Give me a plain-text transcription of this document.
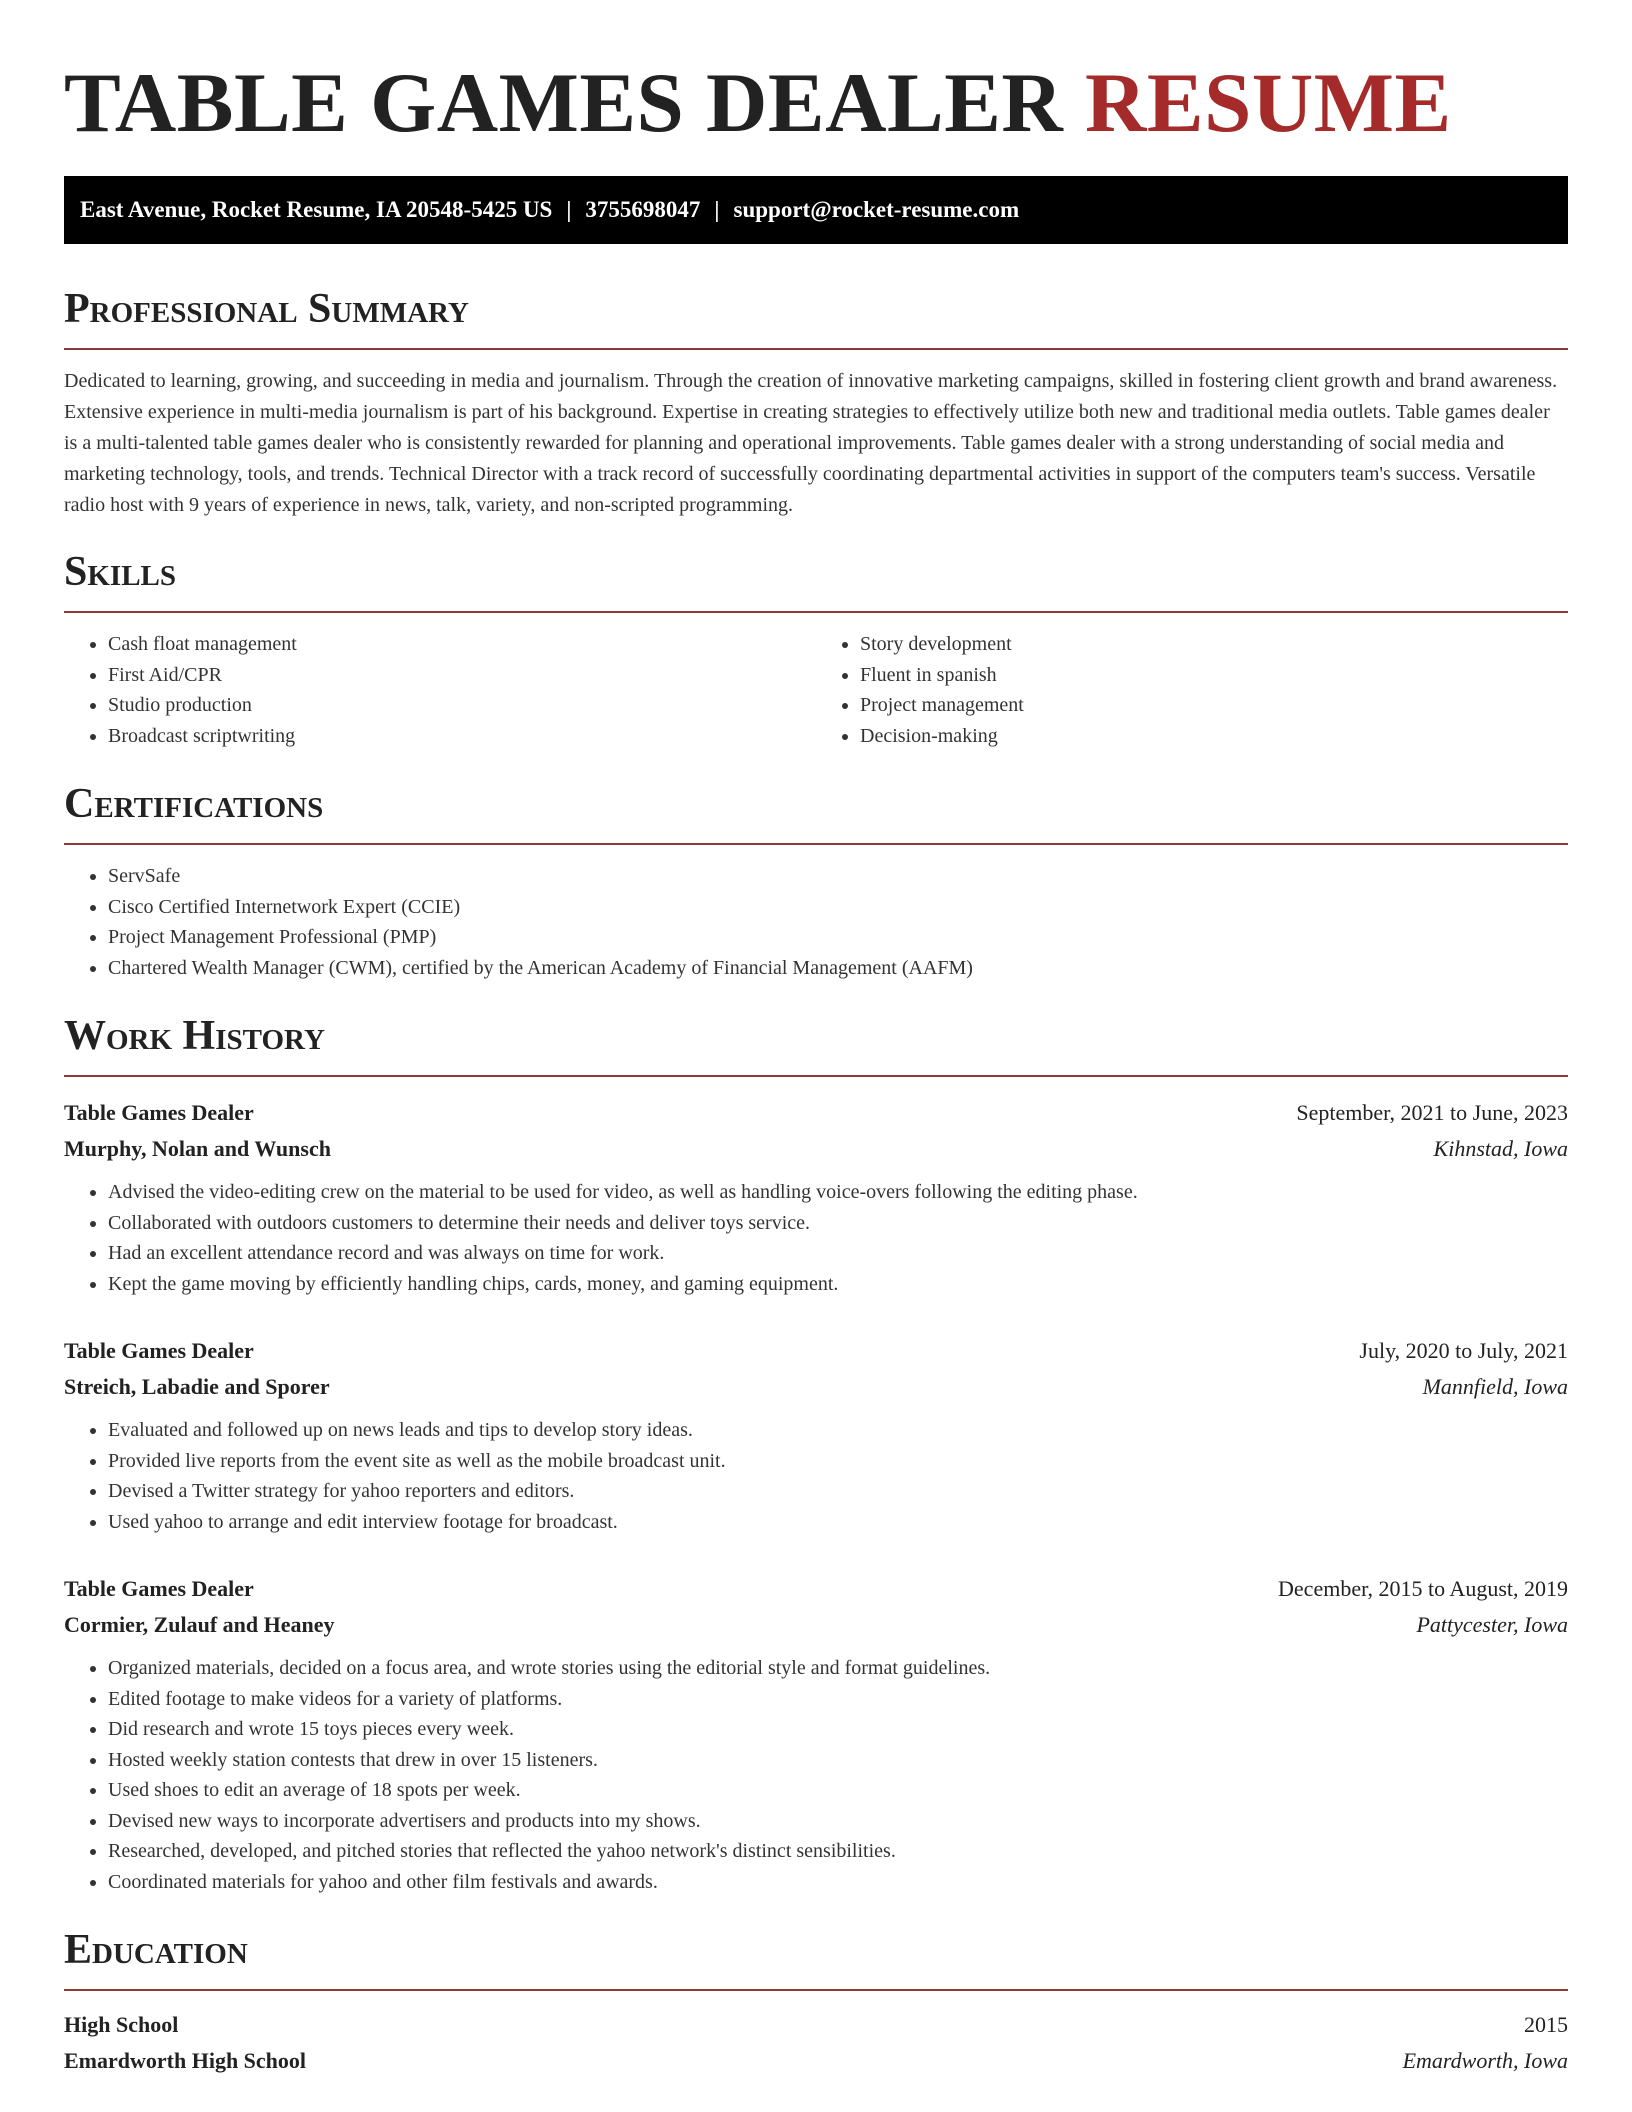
TABLE GAMES DEALER RESUME
East Avenue, Rocket Resume, IA 20548-5425 US | 3755698047 | support@rocket-resume.com
Professional Summary

Dedicated to learning, growing, and succeeding in media and journalism. Through the creation of innovative marketing campaigns, skilled in fostering client growth and brand awareness. Extensive experience in multi-media journalism is part of his background. Expertise in creating strategies to effectively utilize both new and traditional media outlets. Table games dealer is a multi-talented table games dealer who is consistently rewarded for planning and operational improvements. Table games dealer with a strong understanding of social media and marketing technology, tools, and trends. Technical Director with a track record of successfully coordinating departmental activities in support of the computers team's success. Versatile radio host with 9 years of experience in news, talk, variety, and non-scripted programming.

Skills
• Cash float management
• First Aid/CPR
• Studio production
• Broadcast scriptwriting
• Story development
• Fluent in spanish
• Project management
• Decision-making
Certifications
• ServSafe
• Cisco Certified Internetwork Expert (CCIE)
• Project Management Professional (PMP)
• Chartered Wealth Manager (CWM), certified by the American Academy of Financial Management (AAFM)
Work History
Table Games Dealer	September, 2021 to June, 2023
Murphy, Nolan and Wunsch	Kihnstad, Iowa
• Advised the video-editing crew on the material to be used for video, as well as handling voice-overs following the editing phase.
• Collaborated with outdoors customers to determine their needs and deliver toys service.
• Had an excellent attendance record and was always on time for work.
• Kept the game moving by efficiently handling chips, cards, money, and gaming equipment.
Table Games Dealer	July, 2020 to July, 2021
Streich, Labadie and Sporer	Mannfield, Iowa
• Evaluated and followed up on news leads and tips to develop story ideas.
• Provided live reports from the event site as well as the mobile broadcast unit.
• Devised a Twitter strategy for yahoo reporters and editors.
• Used yahoo to arrange and edit interview footage for broadcast.
Table Games Dealer	December, 2015 to August, 2019
Cormier, Zulauf and Heaney	Pattycester, Iowa
• Organized materials, decided on a focus area, and wrote stories using the editorial style and format guidelines.
• Edited footage to make videos for a variety of platforms.
• Did research and wrote 15 toys pieces every week.
• Hosted weekly station contests that drew in over 15 listeners.
• Used shoes to edit an average of 18 spots per week.
• Devised new ways to incorporate advertisers and products into my shows.
• Researched, developed, and pitched stories that reflected the yahoo network's distinct sensibilities.
• Coordinated materials for yahoo and other film festivals and awards.
Education
High School	2015
Emardworth High School	Emardworth, Iowa
